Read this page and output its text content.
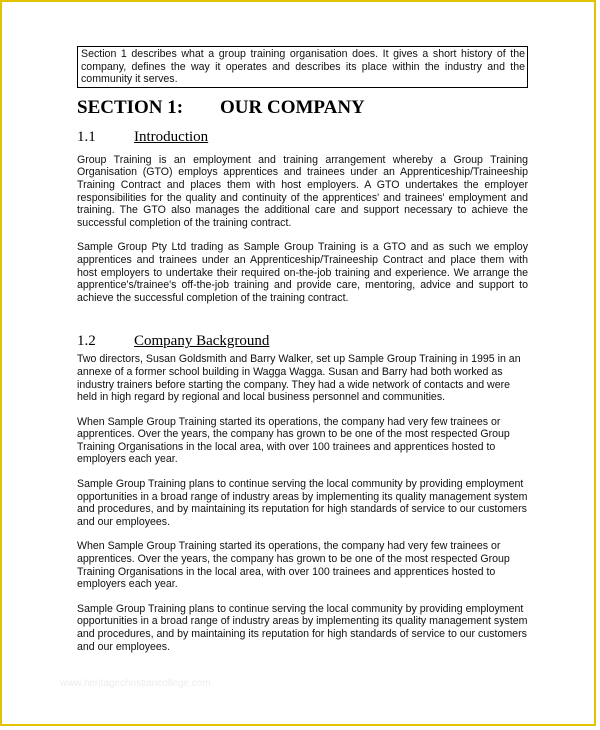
Section 1 describes what a group training organisation does. It gives a short history of the company, defines the way it operates and describes its place within the industry and the community it serves.
SECTION 1: OUR COMPANY
1.1	Introduction

Group Training is an employment and training arrangement whereby a Group Training Organisation (GTO) employs apprentices and trainees under an Apprenticeship/Traineeship Training Contract and places them with host employers. A GTO undertakes the employer responsibilities for the quality and continuity of the apprentices' and trainees' employment and training. The GTO also manages the additional care and support necessary to achieve the successful completion of the training contract.

Sample Group Pty Ltd trading as Sample Group Training is a GTO and as such we employ apprentices and trainees under an Apprenticeship/Traineeship Contract and place them with host employers to undertake their required on-the-job training and experience. We arrange the apprentice's/trainee's off-the-job training and provide care, mentoring, advice and support to achieve the successful completion of the training contract.

1.2	Company Background

Two directors, Susan Goldsmith and Barry Walker, set up Sample Group Training in 1995 in an annexe of a former school building in Wagga Wagga. Susan and Barry had both worked as industry trainers before starting the company. They had a wide network of contacts and were held in high regard by regional and local business personnel and communities.

When Sample Group Training started its operations, the company had very few trainees or apprentices. Over the years, the company has grown to be one of the most respected Group Training Organisations in the local area, with over 100 trainees and apprentices hosted to employers each year.

Sample Group Training plans to continue serving the local community by providing employment opportunities in a broad range of industry areas by implementing its quality management system and procedures, and by maintaining its reputation for high standards of service to our customers and our employees.

When Sample Group Training started its operations, the company had very few trainees or apprentices. Over the years, the company has grown to be one of the most respected Group Training Organisations in the local area, with over 100 trainees and apprentices hosted to employers each year.

Sample Group Training plans to continue serving the local community by providing employment opportunities in a broad range of industry areas by implementing its quality management system and procedures, and by maintaining its reputation for high standards of service to our customers and our employees.

www.heritagechristiancollege.com
